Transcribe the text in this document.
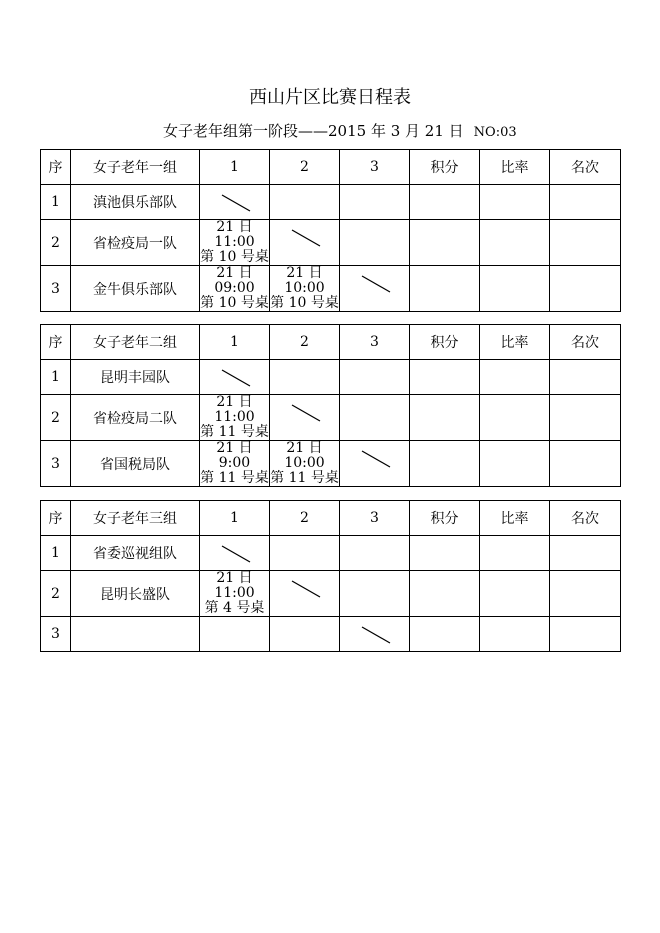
西山片区比赛日程表
女子老年组第一阶段——2015 年 3 月 21 日 NO:03
序	女子老年一组	1	2	3	积分	比率	名次
1	滇池俱乐部队	

2	省检疫局一队	21 日 11:00
第 10 号桌

3	金牛俱乐部队	21 日 09:00
第 10 号桌	21 日 10:00
第 10 号桌

序	女子老年二组	1	2	3	积分	比率	名次
1	昆明丰园队	

2	省检疫局二队	21 日 11:00
第 11 号桌

3	省国税局队	21 日 9:00
第 11 号桌	21 日 10:00
第 11 号桌

序	女子老年三组	1	2	3	积分	比率	名次
1	省委巡视组队	

2	昆明长盛队	21 日 11:00
第 4 号桌

3				
